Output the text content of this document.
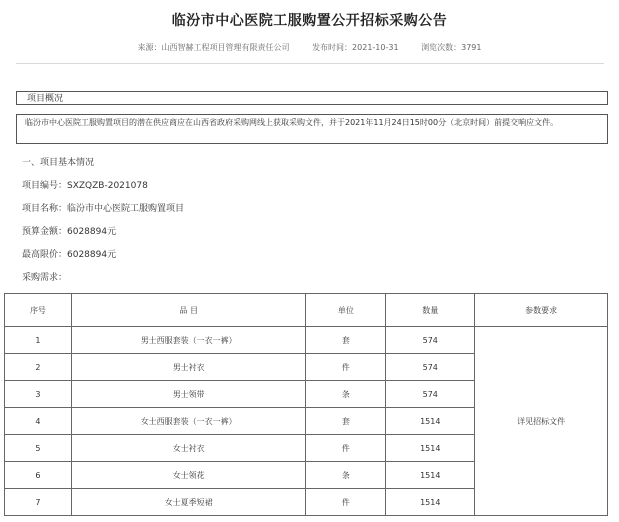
临汾市中心医院工服购置公开招标采购公告
来源：山西智赫工程项目管理有限责任公司	发布时间：2021-10-31	浏览次数：3791
项目概况
临汾市中心医院工服购置项目的潜在供应商应在山西省政府采购网线上获取采购文件，并于2021年11月24日15时00分（北京时间）前提交响应文件。
一、项目基本情况
项目编号：SXZQZB-2021078
项目名称：临汾市中心医院工服购置项目
预算金额：6028894元
最高限价：6028894元
采购需求：
序号	品 目	单位	数量	参数要求
1	男士西服套装（一衣一裤）	套	574	详见招标文件
2	男士衬衣	件	574	
3	男士领带	条	574	
4	女士西服套装（一衣一裤）	套	1514	
5	女士衬衣	件	1514	
6	女士领花	条	1514	
7	女士夏季短裙	件	1514	
